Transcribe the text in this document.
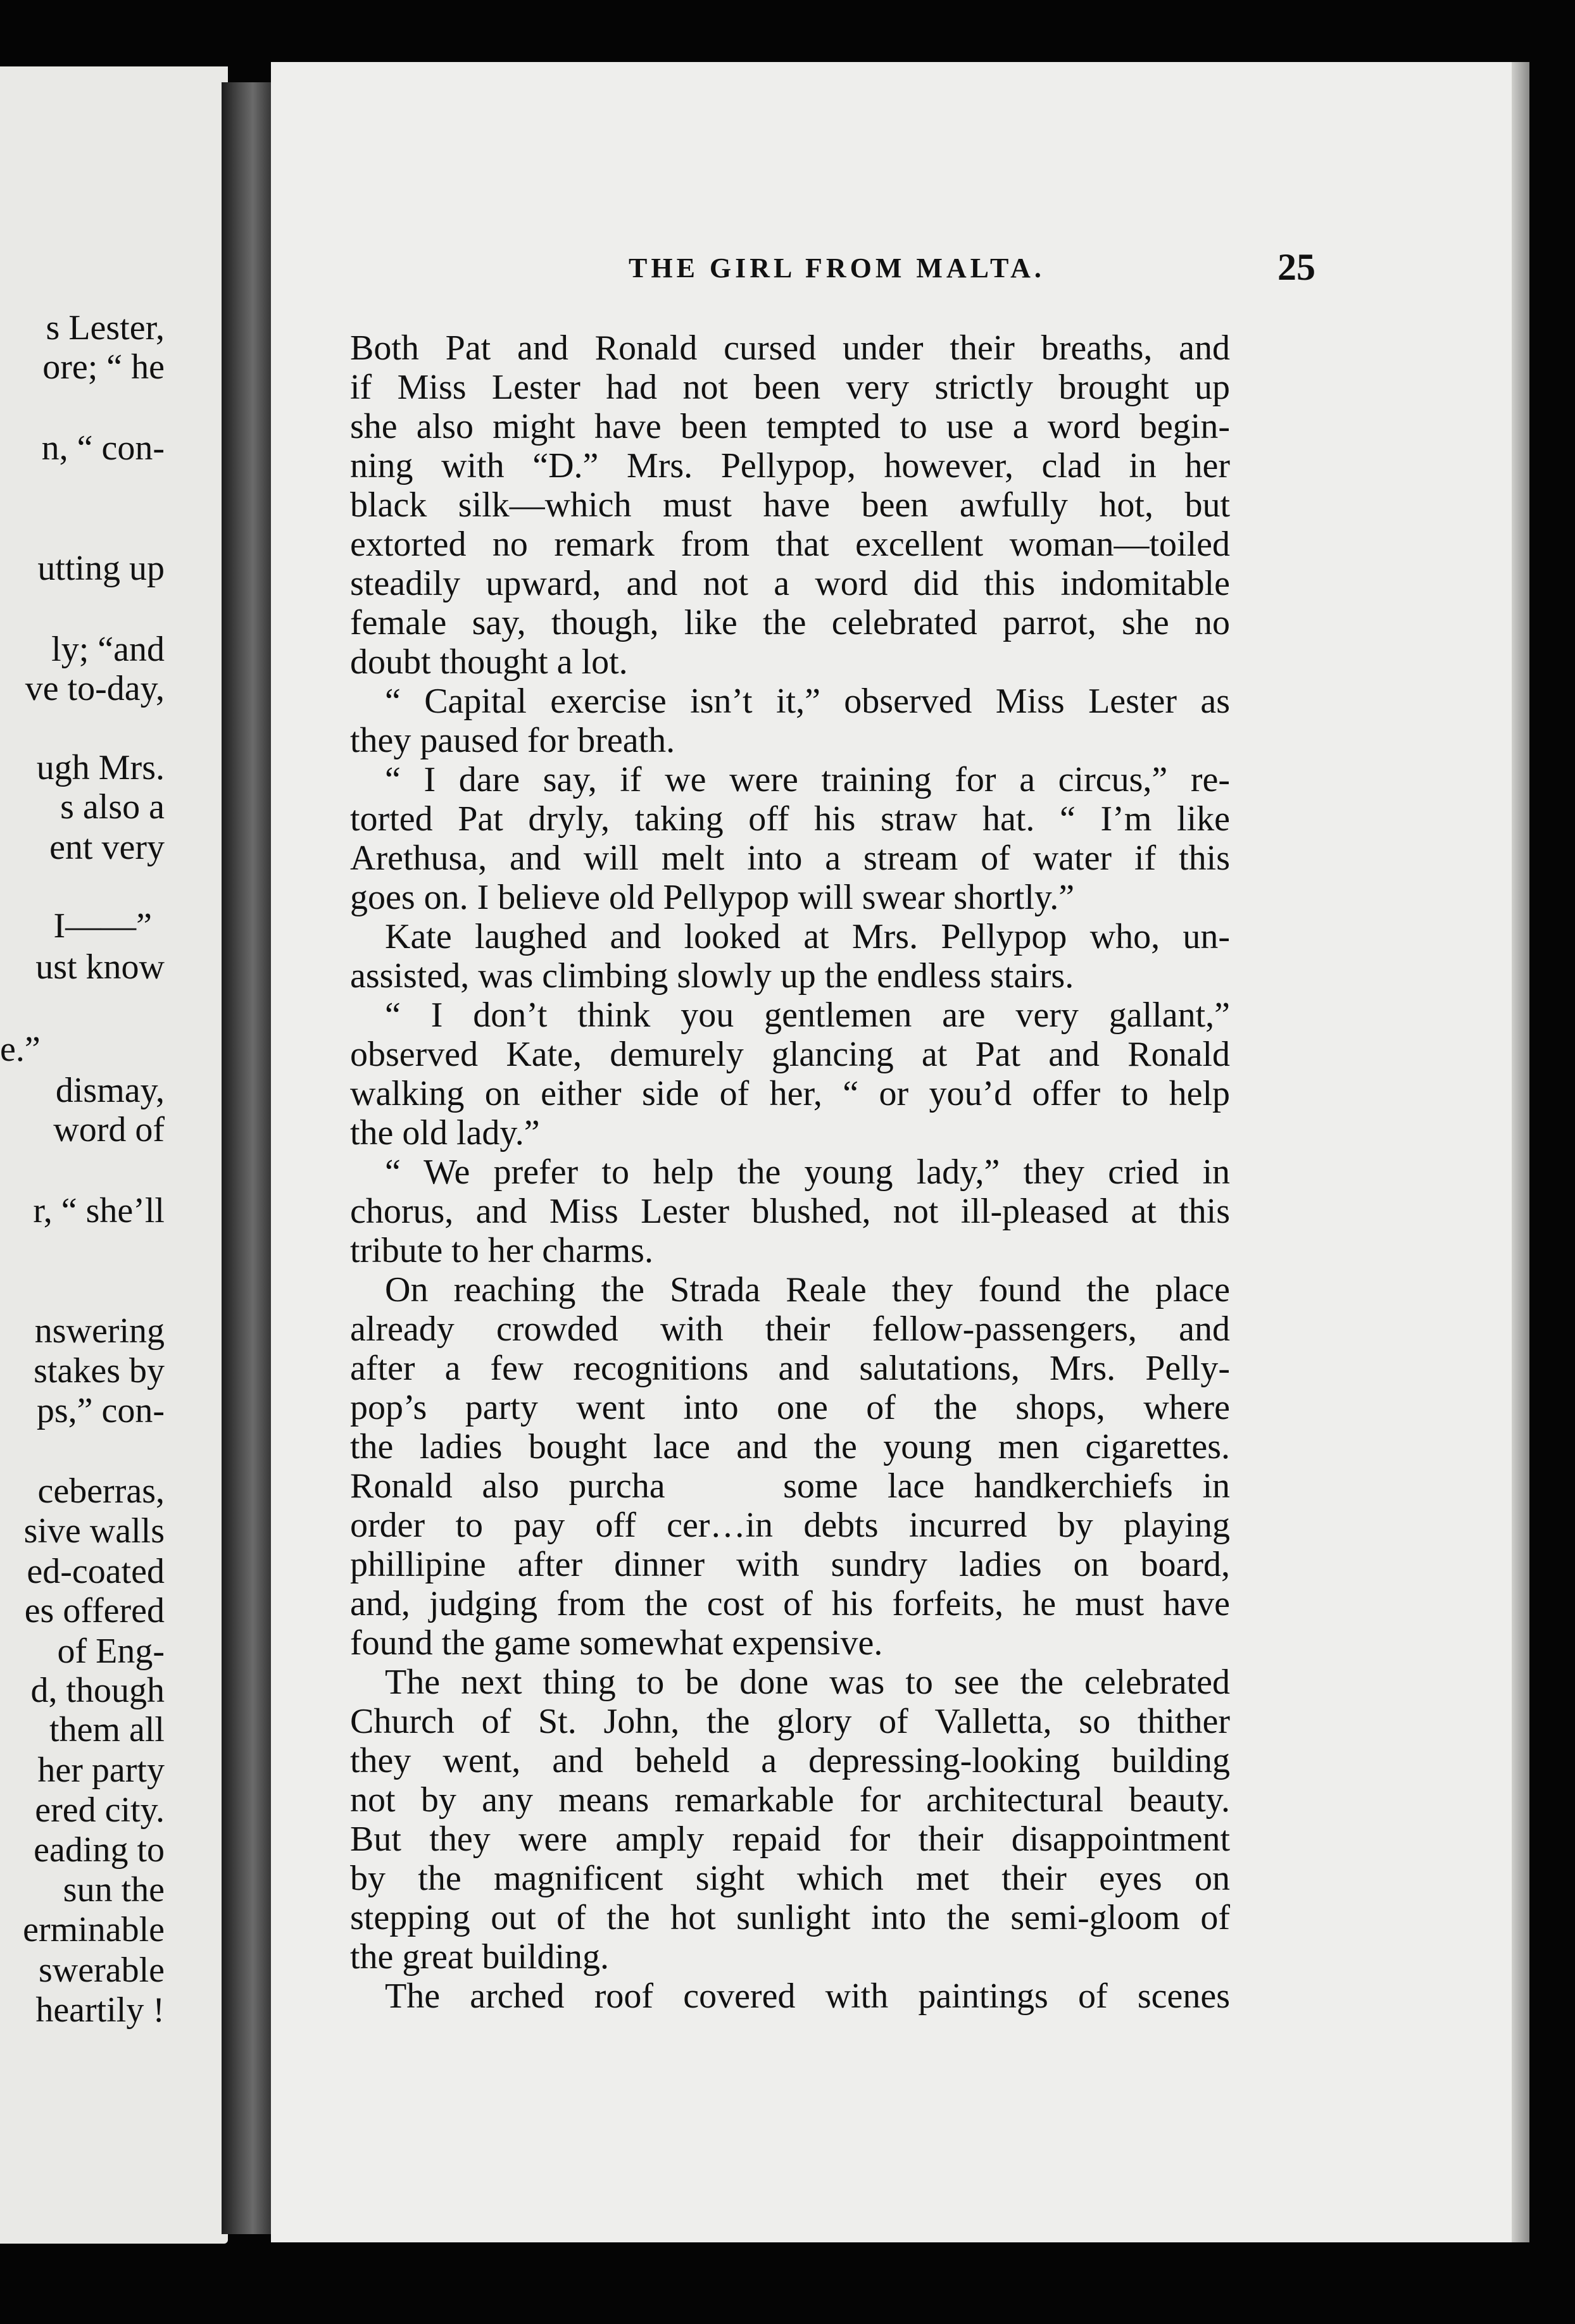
s Lester,
ore; “ he
n, “ con-
utting up
ly; “and
ve to-day,
ugh Mrs.
s also a
ent very
I——”
ust know
e.”
dismay,
word of
r, “ she’ll
nswering
stakes by
ps,” con-
ceberras,
sive walls
ed-coated
es offered
of Eng-
d, though
them all
her party
ered city.
eading to
sun the
erminable
swerable
heartily !
THE GIRL FROM MALTA.	25
Both Pat and Ronald cursed under their breaths, and
if Miss Lester had not been very strictly brought up
she also might have been tempted to use a word begin-
ning with “D.” Mrs. Pellypop, however, clad in her
black silk—which must have been awfully hot, but
extorted no remark from that excellent woman—toiled
steadily upward, and not a word did this indomitable
female say, though, like the celebrated parrot, she no
doubt thought a lot.
“ Capital exercise isn’t it,” observed Miss Lester as
they paused for breath.
“ I dare say, if we were training for a circus,” re-
torted Pat dryly, taking off his straw hat. “ I’m like
Arethusa, and will melt into a stream of water if this
goes on. I believe old Pellypop will swear shortly.”
Kate laughed and looked at Mrs. Pellypop who, un-
assisted, was climbing slowly up the endless stairs.
“ I don’t think you gentlemen are very gallant,”
observed Kate, demurely glancing at Pat and Ronald
walking on either side of her, “ or you’d offer to help
the old lady.”
“ We prefer to help the young lady,” they cried in
chorus, and Miss Lester blushed, not ill-pleased at this
tribute to her charms.
On reaching the Strada Reale they found the place
already crowded with their fellow-passengers, and
after a few recognitions and salutations, Mrs. Pelly-
pop’s party went into one of the shops, where
the ladies bought lace and the young men cigarettes.
Ronald also purcha    some lace handkerchiefs in
order to pay off cer…in debts incurred by playing
phillipine after dinner with sundry ladies on board,
and, judging from the cost of his forfeits, he must have
found the game somewhat expensive.
The next thing to be done was to see the celebrated
Church of St. John, the glory of Valletta, so thither
they went, and beheld a depressing-looking building
not by any means remarkable for architectural beauty.
But they were amply repaid for their disappointment
by the magnificent sight which met their eyes on
stepping out of the hot sunlight into the semi-gloom of
the great building.
The arched roof covered with paintings of scenes
